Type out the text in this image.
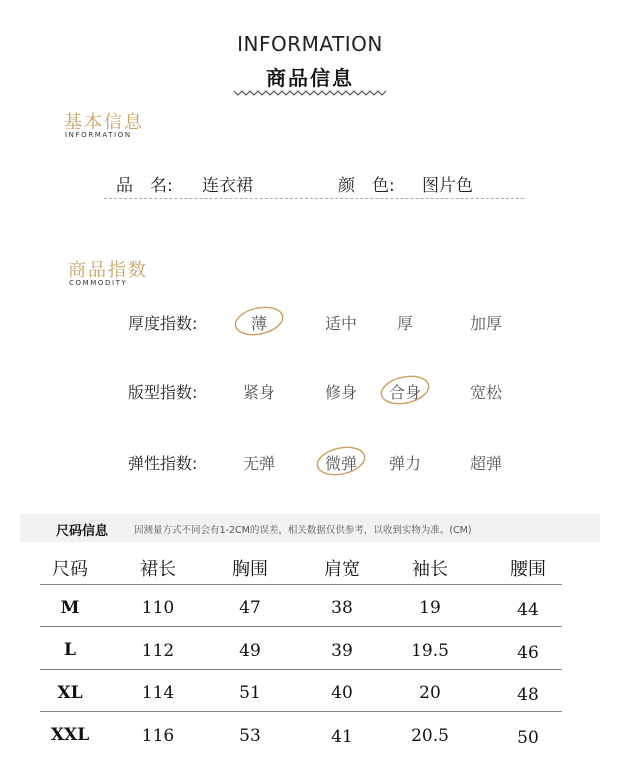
INFORMATION
商品信息
基本信息
INFORMATION
品　名: 连衣裙	颜　色: 图片色
商品指数
COMMODITY
厚度指数:	薄	适中	厚	加厚
版型指数:	紧身	修身	合身	宽松
弹性指数:	无弹	微弹	弹力	超弹
尺码信息	因测量方式不同会有1-2CM的误差，相关数据仅供参考，以收到实物为准。(CM)
尺码	裙长	胸围	肩宽	袖长	腰围
M	110	47	38	19	44
L	112	49	39	19.5	46
XL	114	51	40	20	48
XXL	116	53	41	20.5	50
